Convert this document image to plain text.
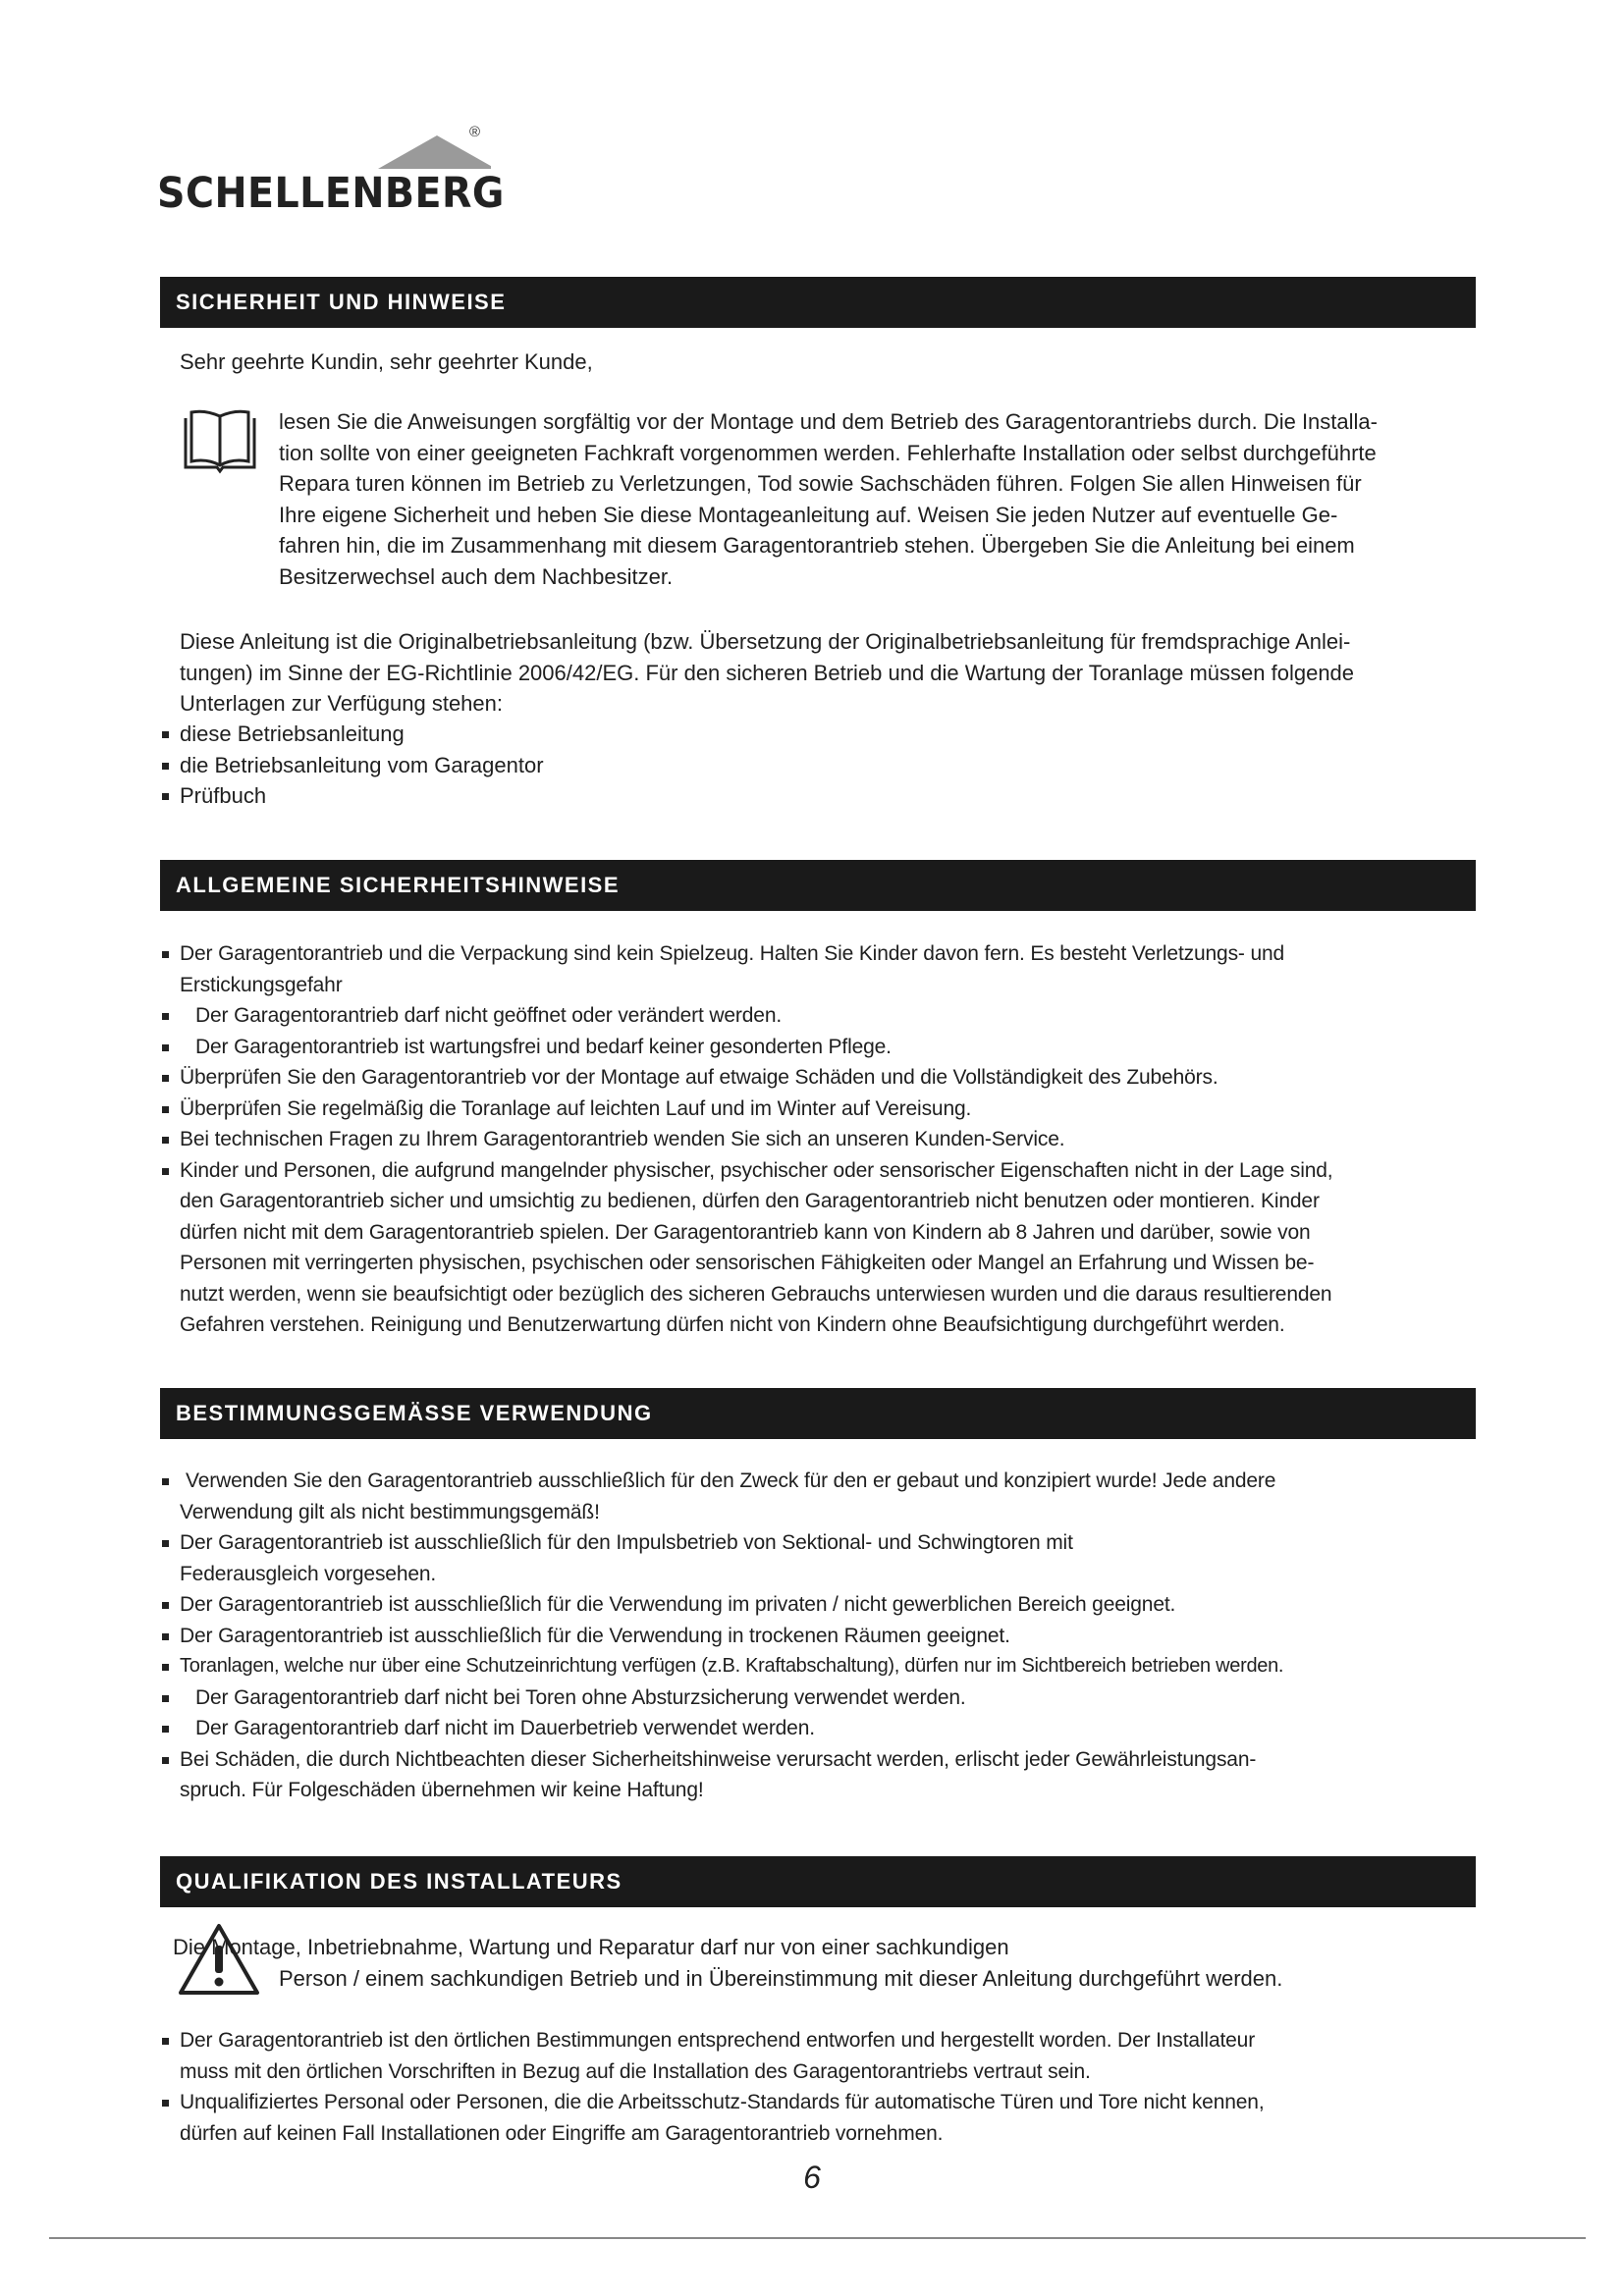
®
SCHELLENBERG
SICHERHEIT UND HINWEISE
Sehr geehrte Kundin, sehr geehrter Kunde,
lesen Sie die Anweisungen sorgfältig vor der Montage und dem Betrieb des Garagentorantriebs durch. Die Installa-
tion sollte von einer geeigneten Fachkraft vorgenommen werden. Fehlerhafte Installation oder selbst durchgeführte
Repara turen können im Betrieb zu Verletzungen, Tod sowie Sachschäden führen. Folgen Sie allen Hinweisen für
Ihre eigene Sicherheit und heben Sie diese Montageanleitung auf. Weisen Sie jeden Nutzer auf eventuelle Ge-
fahren hin, die im Zusammenhang mit diesem Garagentorantrieb stehen. Übergeben Sie die Anleitung bei einem
Besitzerwechsel auch dem Nachbesitzer.
Diese Anleitung ist die Originalbetriebsanleitung (bzw. Übersetzung der Originalbetriebsanleitung für fremdsprachige Anlei-
tungen) im Sinne der EG-Richtlinie 2006/42/EG. Für den sicheren Betrieb und die Wartung der Toranlage müssen folgende
Unterlagen zur Verfügung stehen:
diese Betriebsanleitung
die Betriebsanleitung vom Garagentor
Prüfbuch
ALLGEMEINE SICHERHEITSHINWEISE
Der Garagentorantrieb und die Verpackung sind kein Spielzeug. Halten Sie Kinder davon fern. Es besteht Verletzungs- und
Erstickungsgefahr
Der Garagentorantrieb darf nicht geöffnet oder verändert werden.
Der Garagentorantrieb ist wartungsfrei und bedarf keiner gesonderten Pflege.
Überprüfen Sie den Garagentorantrieb vor der Montage auf etwaige Schäden und die Vollständigkeit des Zubehörs.
Überprüfen Sie regelmäßig die Toranlage auf leichten Lauf und im Winter auf Vereisung.
Bei technischen Fragen zu Ihrem Garagentorantrieb wenden Sie sich an unseren Kunden-Service.
Kinder und Personen, die aufgrund mangelnder physischer, psychischer oder sensorischer Eigenschaften nicht in der Lage sind,
den Garagentorantrieb sicher und umsichtig zu bedienen, dürfen den Garagentorantrieb nicht benutzen oder montieren. Kinder
dürfen nicht mit dem Garagentorantrieb spielen. Der Garagentorantrieb kann von Kindern ab 8 Jahren und darüber, sowie von
Personen mit verringerten physischen, psychischen oder sensorischen Fähigkeiten oder Mangel an Erfahrung und Wissen be-
nutzt werden, wenn sie beaufsichtigt oder bezüglich des sicheren Gebrauchs unterwiesen wurden und die daraus resultierenden
Gefahren verstehen. Reinigung und Benutzerwartung dürfen nicht von Kindern ohne Beaufsichtigung durchgeführt werden.
BESTIMMUNGSGEMÄSSE VERWENDUNG
Verwenden Sie den Garagentorantrieb ausschließlich für den Zweck für den er gebaut und konzipiert wurde! Jede andere
Verwendung gilt als nicht bestimmungsgemäß!
Der Garagentorantrieb ist ausschließlich für den Impulsbetrieb von Sektional- und Schwingtoren mit
Federausgleich vorgesehen.
Der Garagentorantrieb ist ausschließlich für die Verwendung im privaten / nicht gewerblichen Bereich geeignet.
Der Garagentorantrieb ist ausschließlich für die Verwendung in trockenen Räumen geeignet.
Toranlagen, welche nur über eine Schutzeinrichtung verfügen (z.B. Kraftabschaltung), dürfen nur im Sichtbereich betrieben werden.
Der Garagentorantrieb darf nicht bei Toren ohne Absturzsicherung verwendet werden.
Der Garagentorantrieb darf nicht im Dauerbetrieb verwendet werden.
Bei Schäden, die durch Nichtbeachten dieser Sicherheitshinweise verursacht werden, erlischt jeder Gewährleistungsan-
spruch. Für Folgeschäden übernehmen wir keine Haftung!
QUALIFIKATION DES INSTALLATEURS
Die Montage, Inbetriebnahme, Wartung und Reparatur darf nur von einer sachkundigen
Person / einem sachkundigen Betrieb und in Übereinstimmung mit dieser Anleitung durchgeführt werden.
Der Garagentorantrieb ist den örtlichen Bestimmungen entsprechend entworfen und hergestellt worden. Der Installateur
muss mit den örtlichen Vorschriften in Bezug auf die Installation des Garagentorantriebs vertraut sein.
Unqualifiziertes Personal oder Personen, die die Arbeitsschutz-Standards für automatische Türen und Tore nicht kennen,
dürfen auf keinen Fall Installationen oder Eingriffe am Garagentorantrieb vornehmen.
6
